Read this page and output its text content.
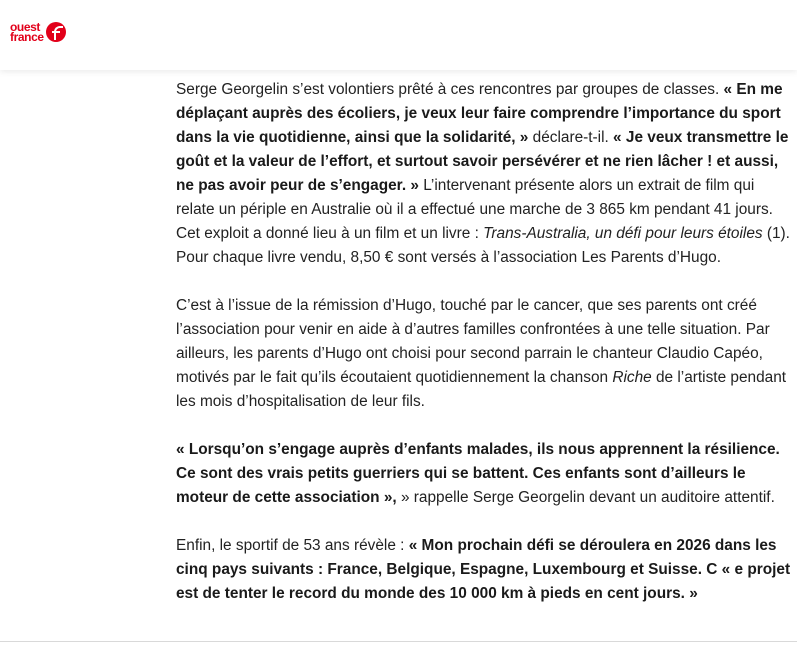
ouest
france

Serge Georgelin s’est volontiers prêté à ces rencontres par groupes de classes. « En me déplaçant auprès des écoliers, je veux leur faire comprendre l’importance du sport dans la vie quotidienne, ainsi que la solidarité, » déclare-t-il. « Je veux transmettre le goût et la valeur de l’effort, et surtout savoir persévérer et ne rien lâcher ! et aussi, ne pas avoir peur de s’engager. » L’intervenant présente alors un extrait de film qui relate un périple en Australie où il a effectué une marche de 3 865 km pendant 41 jours. Cet exploit a donné lieu à un film et un livre : Trans-Australia, un défi pour leurs étoiles (1). Pour chaque livre vendu, 8,50 € sont versés à l’association Les Parents d’Hugo.

C’est à l’issue de la rémission d’Hugo, touché par le cancer, que ses parents ont créé l’association pour venir en aide à d’autres familles confrontées à une telle situation. Par ailleurs, les parents d’Hugo ont choisi pour second parrain le chanteur Claudio Capéo, motivés par le fait qu’ils écoutaient quotidiennement la chanson Riche de l’artiste pendant les mois d’hospitalisation de leur fils.

« Lorsqu’on s’engage auprès d’enfants malades, ils nous apprennent la résilience. Ce sont des vrais petits guerriers qui se battent. Ces enfants sont d’ailleurs le moteur de cette association », » rappelle Serge Georgelin devant un auditoire attentif.

Enfin, le sportif de 53 ans révèle : « Mon prochain défi se déroulera en 2026 dans les cinq pays suivants : France, Belgique, Espagne, Luxembourg et Suisse. C « e projet est de tenter le record du monde des 10 000 km à pieds en cent jours. »
